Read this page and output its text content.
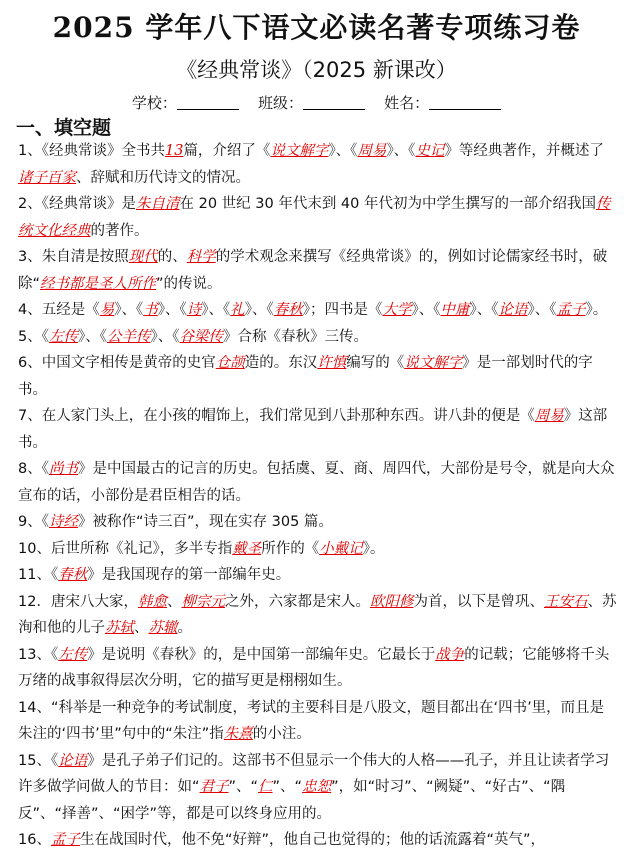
2025 学年八下语文必读名著专项练习卷
《经典常谈》（2025 新课改）
学校：	班级：	姓名：
一、填空题

1、《经典常谈》全书共13篇，介绍了《说文解字》、《周易》、《史记》等经典著作，并概述了诸子百家、辞赋和历代诗文的情况。

2、《经典常谈》是朱自清在 20 世纪 30 年代末到 40 年代初为中学生撰写的一部介绍我国传统文化经典的著作。

3、朱自清是按照现代的、科学的学术观念来撰写《经典常谈》的，例如讨论儒家经书时，破除“经书都是圣人所作”的传说。

4、五经是《易》、《书》、《诗》、《礼》、《春秋》；四书是《大学》、《中庸》、《论语》、《孟子》。

5、《左传》、《公羊传》、《谷梁传》合称《春秋》三传。

6、中国文字相传是黄帝的史官仓颉造的。东汉许慎编写的《说文解字》是一部划时代的字书。

7、在人家门头上，在小孩的帽饰上，我们常见到八卦那种东西。讲八卦的便是《周易》这部书。

8、《尚书》是中国最古的记言的历史。包括虞、夏、商、周四代，大部份是号令，就是向大众宣布的话，小部份是君臣相告的话。

9、《诗经》被称作“诗三百”，现在实存 305 篇。

10、后世所称《礼记》，多半专指戴圣所作的《小戴记》。

11、《春秋》是我国现存的第一部编年史。

12．唐宋八大家，韩愈、柳宗元之外，六家都是宋人。欧阳修为首，以下是曾巩、王安石、苏洵和他的儿子苏轼、苏辙。

13、《左传》是说明《春秋》的，是中国第一部编年史。它最长于战争的记载；它能够将千头万绪的战事叙得层次分明，它的描写更是栩栩如生。

14、“科举是一种竞争的考试制度，考试的主要科目是八股文，题目都出在‘四书’里，而且是朱注的‘四书’里”句中的“朱注”指朱熹的小注。

15、《论语》是孔子弟子们记的。这部书不但显示一个伟大的人格——孔子，并且让读者学习许多做学问做人的节目：如“君子”、“仁”、“忠恕”，如“时习”、“阙疑”、“好古”、“隅反”、“择善”、“困学”等，都是可以终身应用的。

16、孟子生在战国时代，他不免“好辩”，他自己也觉得的；他的话流露着“英气”，
